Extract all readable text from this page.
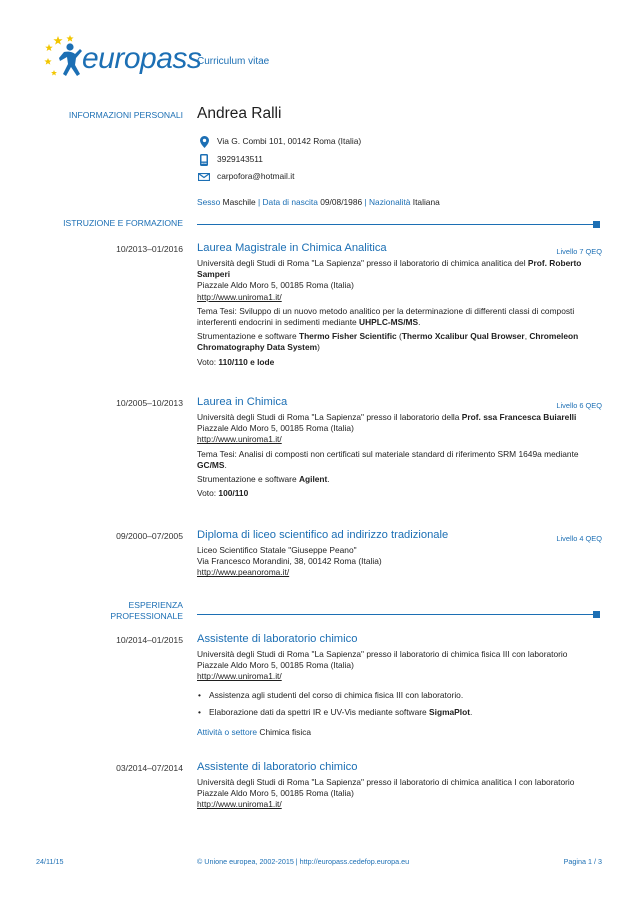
europass
Curriculum vitae
INFORMAZIONI PERSONALI Andrea Ralli
Via G. Combi 101, 00142 Roma (Italia)
3929143511
carpofora@hotmail.it
Sesso Maschile | Data di nascita 09/08/1986 | Nazionalità Italiana
ISTRUZIONE E FORMAZIONE
10/2013–01/2016 Laurea Magistrale in Chimica Analitica	Livello 7 QEQ

Università degli Studi di Roma "La Sapienza" presso il laboratorio di chimica analitica del Prof. Roberto Samperi

Piazzale Aldo Moro 5, 00185 Roma (Italia)

http://www.uniroma1.it/

Tema Tesi: Sviluppo di un nuovo metodo analitico per la determinazione di differenti classi di composti interferenti endocrini in sedimenti mediante UHPLC-MS/MS.

Strumentazione e software Thermo Fisher Scientific (Thermo Xcalibur Qual Browser, Chromeleon Chromatography Data System)

Voto: 110/110 e lode

10/2005–10/2013 Laurea in Chimica	Livello 6 QEQ

Università degli Studi di Roma "La Sapienza" presso il laboratorio della Prof. ssa Francesca Buiarelli

Piazzale Aldo Moro 5, 00185 Roma (Italia)

http://www.uniroma1.it/

Tema Tesi: Analisi di composti non certificati sul materiale standard di riferimento SRM 1649a mediante GC/MS.

Strumentazione e software Agilent.

Voto: 100/110

09/2000–07/2005 Diploma di liceo scientifico ad indirizzo tradizionale	Livello 4 QEQ

Liceo Scientifico Statale "Giuseppe Peano"

Via Francesco Morandini, 38, 00142 Roma (Italia)

http://www.peanoroma.it/

ESPERIENZA
PROFESSIONALE
10/2014–01/2015 Assistente di laboratorio chimico

Università degli Studi di Roma "La Sapienza" presso il laboratorio di chimica fisica III con laboratorio

Piazzale Aldo Moro 5, 00185 Roma (Italia)

http://www.uniroma1.it/

• Assistenza agli studenti del corso di chimica fisica III con laboratorio.
• Elaborazione dati da spettri IR e UV-Vis mediante software SigmaPlot.

Attività o settore Chimica fisica

03/2014–07/2014 Assistente di laboratorio chimico

Università degli Studi di Roma "La Sapienza" presso il laboratorio di chimica analitica I con laboratorio

Piazzale Aldo Moro 5, 00185 Roma (Italia)

http://www.uniroma1.it/

24/11/15	© Unione europea, 2002-2015 | http://europass.cedefop.europa.eu	Pagina 1 / 3
